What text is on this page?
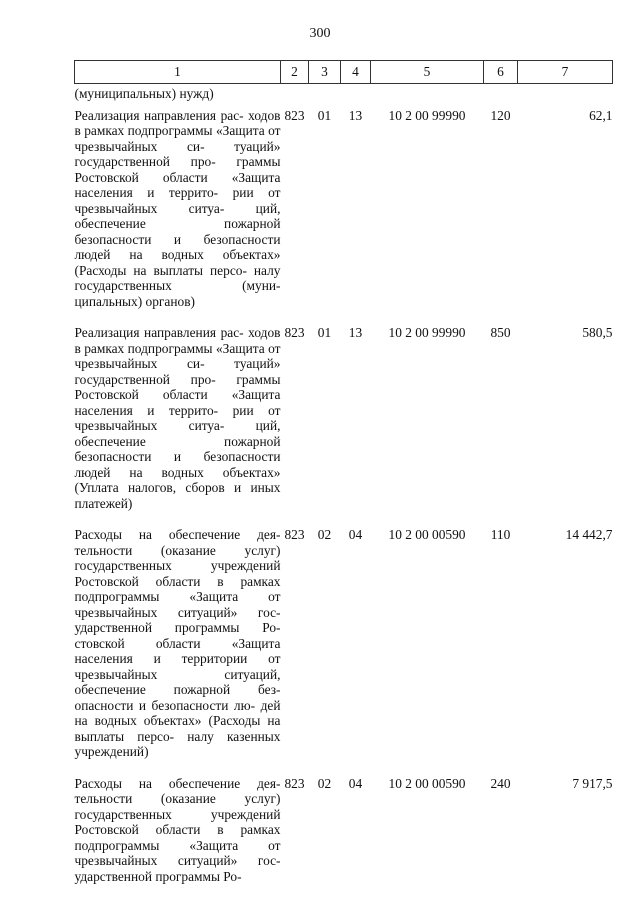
300
1	2	3	4	5	6	7
(муниципальных) нужд)						
Реализация направления рас- ходов в рамках подпрограммы «Защита от чрезвычайных си- туаций» государственной про- граммы Ростовской области «Защита населения и террито- рии от чрезвычайных ситуа- ций, обеспечение пожарной безопасности и безопасности людей на водных объектах» (Расходы на выплаты персо- налу государственных (муни- ципальных) органов)	823	01	13	10 2 00 99990	120	62,1
Реализация направления рас- ходов в рамках подпрограммы «Защита от чрезвычайных си- туаций» государственной про- граммы Ростовской области «Защита населения и террито- рии от чрезвычайных ситуа- ций, обеспечение пожарной безопасности и безопасности людей на водных объектах» (Уплата налогов, сборов и иных платежей)	823	01	13	10 2 00 99990	850	580,5
Расходы на обеспечение дея- тельности (оказание услуг) государственных учреждений Ростовской области в рамках подпрограммы «Защита от чрезвычайных ситуаций» гос- ударственной программы Ро- стовской области «Защита населения и территории от чрезвычайных ситуаций, обеспечение пожарной без- опасности и безопасности лю- дей на водных объектах» (Расходы на выплаты персо- налу казенных учреждений)	823	02	04	10 2 00 00590	110	14 442,7
Расходы на обеспечение дея- тельности (оказание услуг) государственных учреждений Ростовской области в рамках подпрограммы «Защита от чрезвычайных ситуаций» гос- ударственной программы Ро-	823	02	04	10 2 00 00590	240	7 917,5
